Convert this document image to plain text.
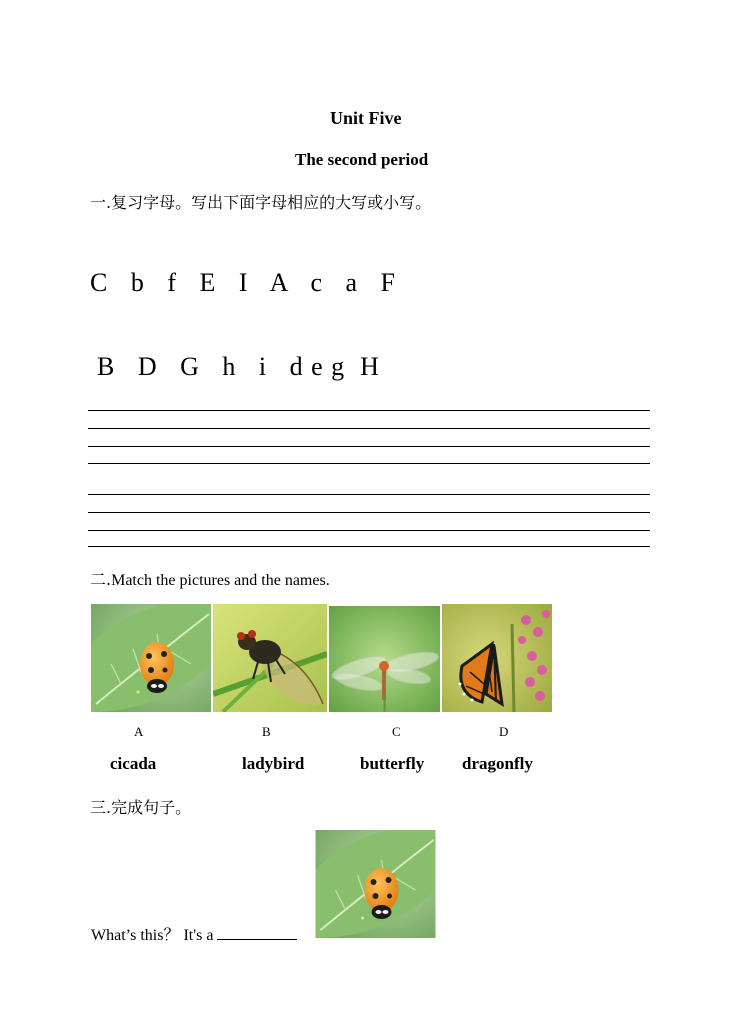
Unit Five
The second period
一.复习字母。写出下面字母相应的大写或小写。
C   b   f   E   I   A   c   a   F
B   D   G   h   i   d e g  H
二.Match the pictures and the names.
A	B	C	D
cicada	ladybird	butterfly dragonfly
三.完成句子。
What’s this？ It's a
